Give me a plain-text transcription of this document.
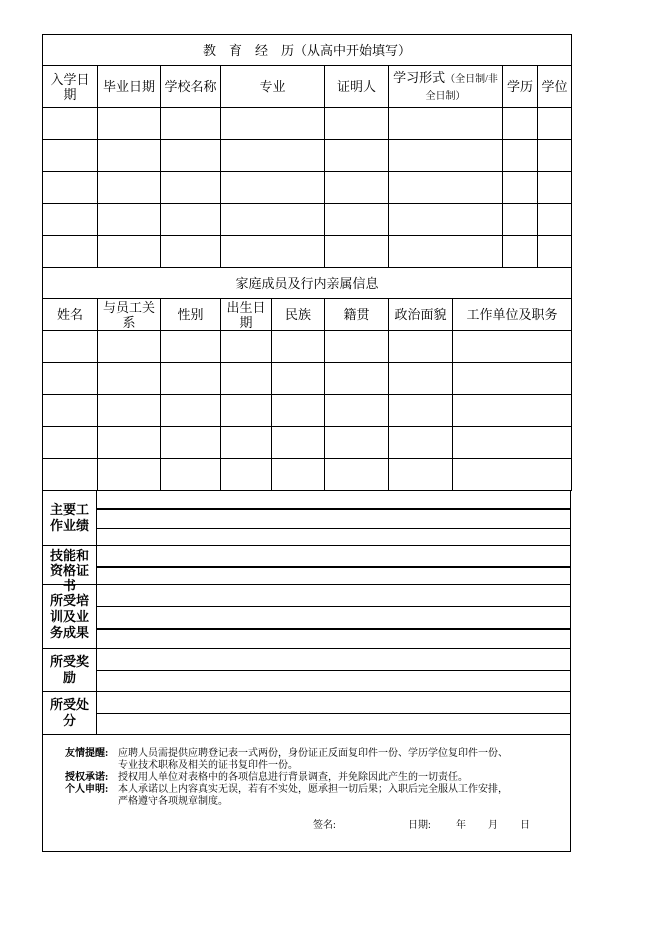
教　育　经　历（从高中开始填写）							
入学日期	毕业日期	学校名称	专业	证明人	学习形式（全日制/非全日制）	学历	学位

家庭成员及行内亲属信息							
姓名	与员工关系	性别	出生日期	民族	籍贯	政治面貌	工作单位及职务

主要工作业绩
技能和资格证书
所受培训及业务成果
所受奖励
所受处分
友情提醒: 应聘人员需提供应聘登记表一式两份，身份证正反面复印件一份、学历学位复印件一份、
专业技术职称及相关的证书复印件一份。
授权承诺: 授权用人单位对表格中的各项信息进行背景调查，并免除因此产生的一切责任。
个人申明: 本人承诺以上内容真实无误，若有不实处，愿承担一切后果；入职后完全服从工作安排，
严格遵守各项规章制度。
签名:	日期:	年 月 日
